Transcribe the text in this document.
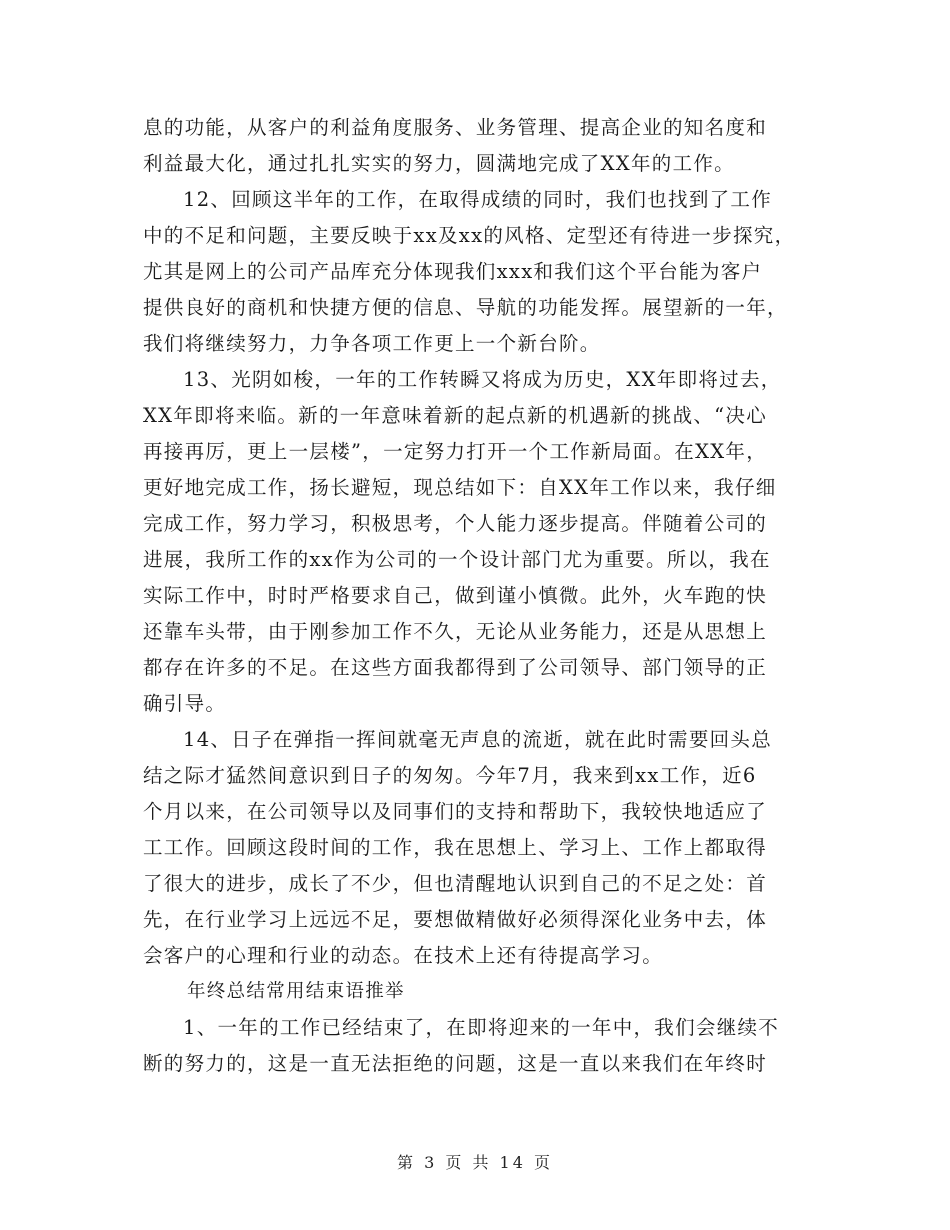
息的功能，从客户的利益角度服务、业务管理、提高企业的知名度和
利益最大化，通过扎扎实实的努力，圆满地完成了XX年的工作。
12、回顾这半年的工作，在取得成绩的同时，我们也找到了工作
中的不足和问题，主要反映于xx及xx的风格、定型还有待进一步探究，
尤其是网上的公司产品库充分体现我们xxx和我们这个平台能为客户
提供良好的商机和快捷方便的信息、导航的功能发挥。展望新的一年，
我们将继续努力，力争各项工作更上一个新台阶。
13、光阴如梭，一年的工作转瞬又将成为历史，XX年即将过去，
XX年即将来临。新的一年意味着新的起点新的机遇新的挑战、“决心
再接再厉，更上一层楼”，一定努力打开一个工作新局面。在XX年，
更好地完成工作，扬长避短，现总结如下：自XX年工作以来，我仔细
完成工作，努力学习，积极思考，个人能力逐步提高。伴随着公司的
进展，我所工作的xx作为公司的一个设计部门尤为重要。所以，我在
实际工作中，时时严格要求自己，做到谨小慎微。此外，火车跑的快
还靠车头带，由于刚参加工作不久，无论从业务能力，还是从思想上
都存在许多的不足。在这些方面我都得到了公司领导、部门领导的正
确引导。
14、日子在弹指一挥间就毫无声息的流逝，就在此时需要回头总
结之际才猛然间意识到日子的匆匆。今年7月，我来到xx工作，近6
个月以来，在公司领导以及同事们的支持和帮助下，我较快地适应了
工工作。回顾这段时间的工作，我在思想上、学习上、工作上都取得
了很大的进步，成长了不少，但也清醒地认识到自己的不足之处：首
先，在行业学习上远远不足，要想做精做好必须得深化业务中去，体
会客户的心理和行业的动态。在技术上还有待提高学习。
年终总结常用结束语推举
1、一年的工作已经结束了，在即将迎来的一年中，我们会继续不
断的努力的，这是一直无法拒绝的问题，这是一直以来我们在年终时
第 3 页 共 14 页
